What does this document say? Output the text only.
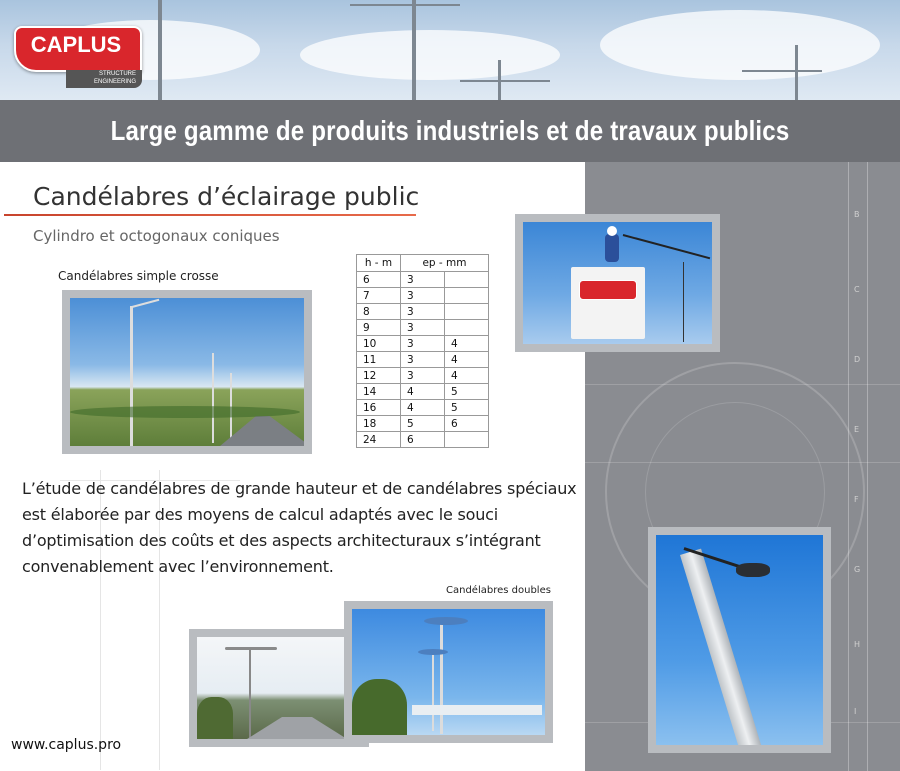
Large gamme de produits industriels et de travaux publics
CAPLUS
STRUCTURE
ENGINEERING
B
C
D
E
F
G
H
I
Candélabres d’éclairage public
Cylindro et octogonaux coniques
Candélabres simple crosse
h - m	ep - mm	
6	3	
7	3	
8	3	
9	3	
10	3	4
11	3	4
12	3	4
14	4	5
16	4	5
18	5	6
24	6	
L’étude de candélabres de grande hauteur et de candélabres spéciaux est élaborée par des moyens de calcul adaptés avec le souci d’optimisation des coûts et des aspects architecturaux s’intégrant convenablement avec l’environnement.
Candélabres doubles
www.caplus.pro
